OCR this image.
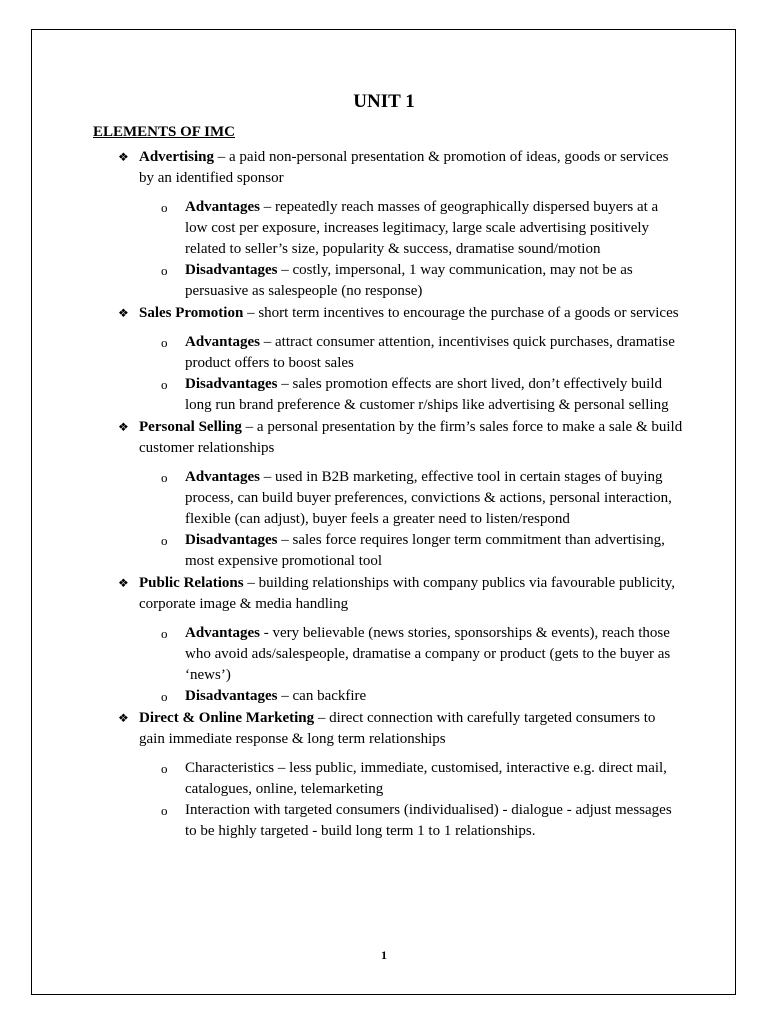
UNIT 1
ELEMENTS OF IMC
❖ Advertising – a paid non-personal presentation & promotion of ideas, goods or services by an identified sponsor
o Advantages – repeatedly reach masses of geographically dispersed buyers at a low cost per exposure, increases legitimacy, large scale advertising positively related to seller’s size, popularity & success, dramatise sound/motion
o Disadvantages – costly, impersonal, 1 way communication, may not be as persuasive as salespeople (no response)
❖ Sales Promotion – short term incentives to encourage the purchase of a goods or services
o Advantages – attract consumer attention, incentivises quick purchases, dramatise product offers to boost sales
o Disadvantages – sales promotion effects are short lived, don’t effectively build long run brand preference & customer r/ships like advertising & personal selling
❖ Personal Selling – a personal presentation by the firm’s sales force to make a sale & build customer relationships
o Advantages – used in B2B marketing, effective tool in certain stages of buying process, can build buyer preferences, convictions & actions, personal interaction, flexible (can adjust), buyer feels a greater need to listen/respond
o Disadvantages – sales force requires longer term commitment than advertising, most expensive promotional tool
❖ Public Relations – building relationships with company publics via favourable publicity, corporate image & media handling
o Advantages - very believable (news stories, sponsorships & events), reach those who avoid ads/salespeople, dramatise a company or product (gets to the buyer as ‘news’)
o Disadvantages – can backfire
❖ Direct & Online Marketing – direct connection with carefully targeted consumers to gain immediate response & long term relationships
o Characteristics – less public, immediate, customised, interactive e.g. direct mail, catalogues, online, telemarketing
o Interaction with targeted consumers (individualised) - dialogue - adjust messages to be highly targeted - build long term 1 to 1 relationships.
1
